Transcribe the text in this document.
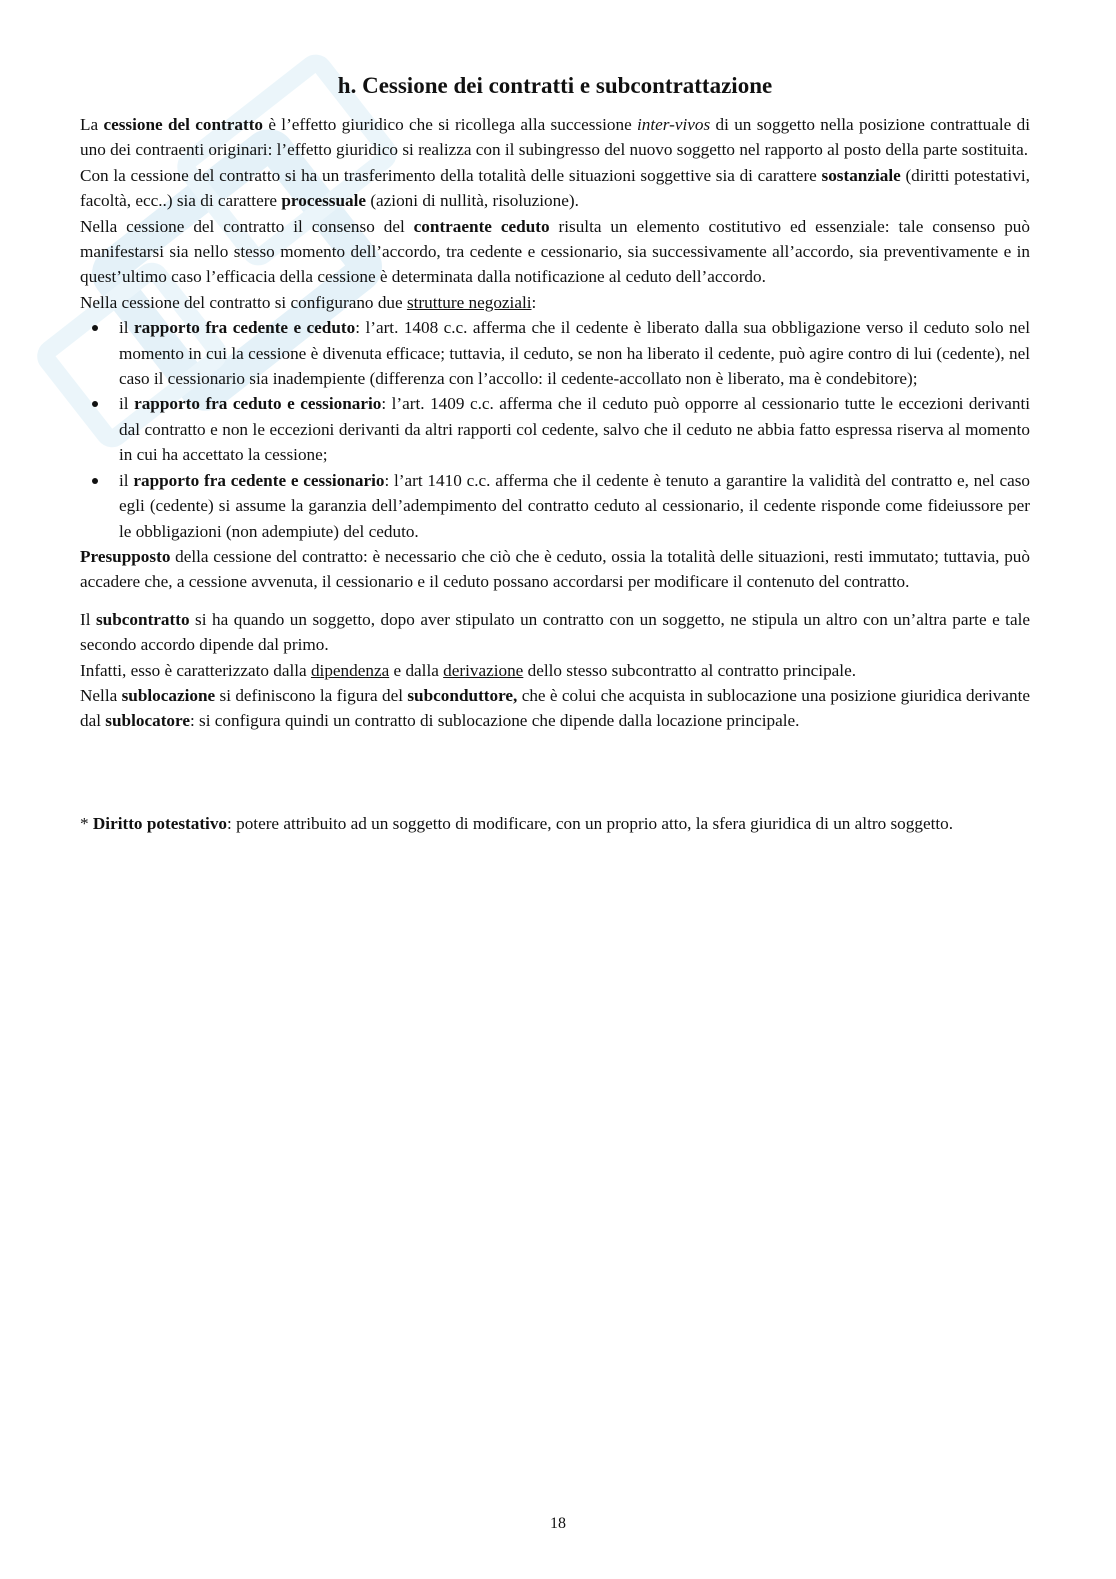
h. Cessione dei contratti e subcontrattazione

La cessione del contratto è l’effetto giuridico che si ricollega alla successione inter-vivos di un soggetto nella posizione contrattuale di uno dei contraenti originari: l’effetto giuridico si realizza con il subingresso del nuovo soggetto nel rapporto al posto della parte sostituita.

Con la cessione del contratto si ha un trasferimento della totalità delle situazioni soggettive sia di carattere sostanziale (diritti potestativi, facoltà, ecc..) sia di carattere processuale (azioni di nullità, risoluzione).

Nella cessione del contratto il consenso del contraente ceduto risulta un elemento costitutivo ed essenziale: tale consenso può manifestarsi sia nello stesso momento dell’accordo, tra cedente e cessionario, sia successivamente all’accordo, sia preventivamente e in quest’ultimo caso l’efficacia della cessione è determinata dalla notificazione al ceduto dell’accordo.

Nella cessione del contratto si configurano due strutture negoziali:

il rapporto fra cedente e ceduto: l’art. 1408 c.c. afferma che il cedente è liberato dalla sua obbligazione verso il ceduto solo nel momento in cui la cessione è divenuta efficace; tuttavia, il ceduto, se non ha liberato il cedente, può agire contro di lui (cedente), nel caso il cessionario sia inadempiente (differenza con l’accollo: il cedente-accollato non è liberato, ma è condebitore);
il rapporto fra ceduto e cessionario: l’art. 1409 c.c. afferma che il ceduto può opporre al cessionario tutte le eccezioni derivanti dal contratto e non le eccezioni derivanti da altri rapporti col cedente, salvo che il ceduto ne abbia fatto espressa riserva al momento in cui ha accettato la cessione;
il rapporto fra cedente e cessionario: l’art 1410 c.c. afferma che il cedente è tenuto a garantire la validità del contratto e, nel caso egli (cedente) si assume la garanzia dell’adempimento del contratto ceduto al cessionario, il cedente risponde come fideiussore per le obbligazioni (non adempiute) del ceduto.

Presupposto della cessione del contratto: è necessario che ciò che è ceduto, ossia la totalità delle situazioni, resti immutato; tuttavia, può accadere che, a cessione avvenuta, il cessionario e il ceduto possano accordarsi per modificare il contenuto del contratto.

Il subcontratto si ha quando un soggetto, dopo aver stipulato un contratto con un soggetto, ne stipula un altro con un’altra parte e tale secondo accordo dipende dal primo.

Infatti, esso è caratterizzato dalla dipendenza e dalla derivazione dello stesso subcontratto al contratto principale.

Nella sublocazione si definiscono la figura del subconduttore, che è colui che acquista in sublocazione una posizione giuridica derivante dal sublocatore: si configura quindi un contratto di sublocazione che dipende dalla locazione principale.

* Diritto potestativo: potere attribuito ad un soggetto di modificare, con un proprio atto, la sfera giuridica di un altro soggetto.

18
